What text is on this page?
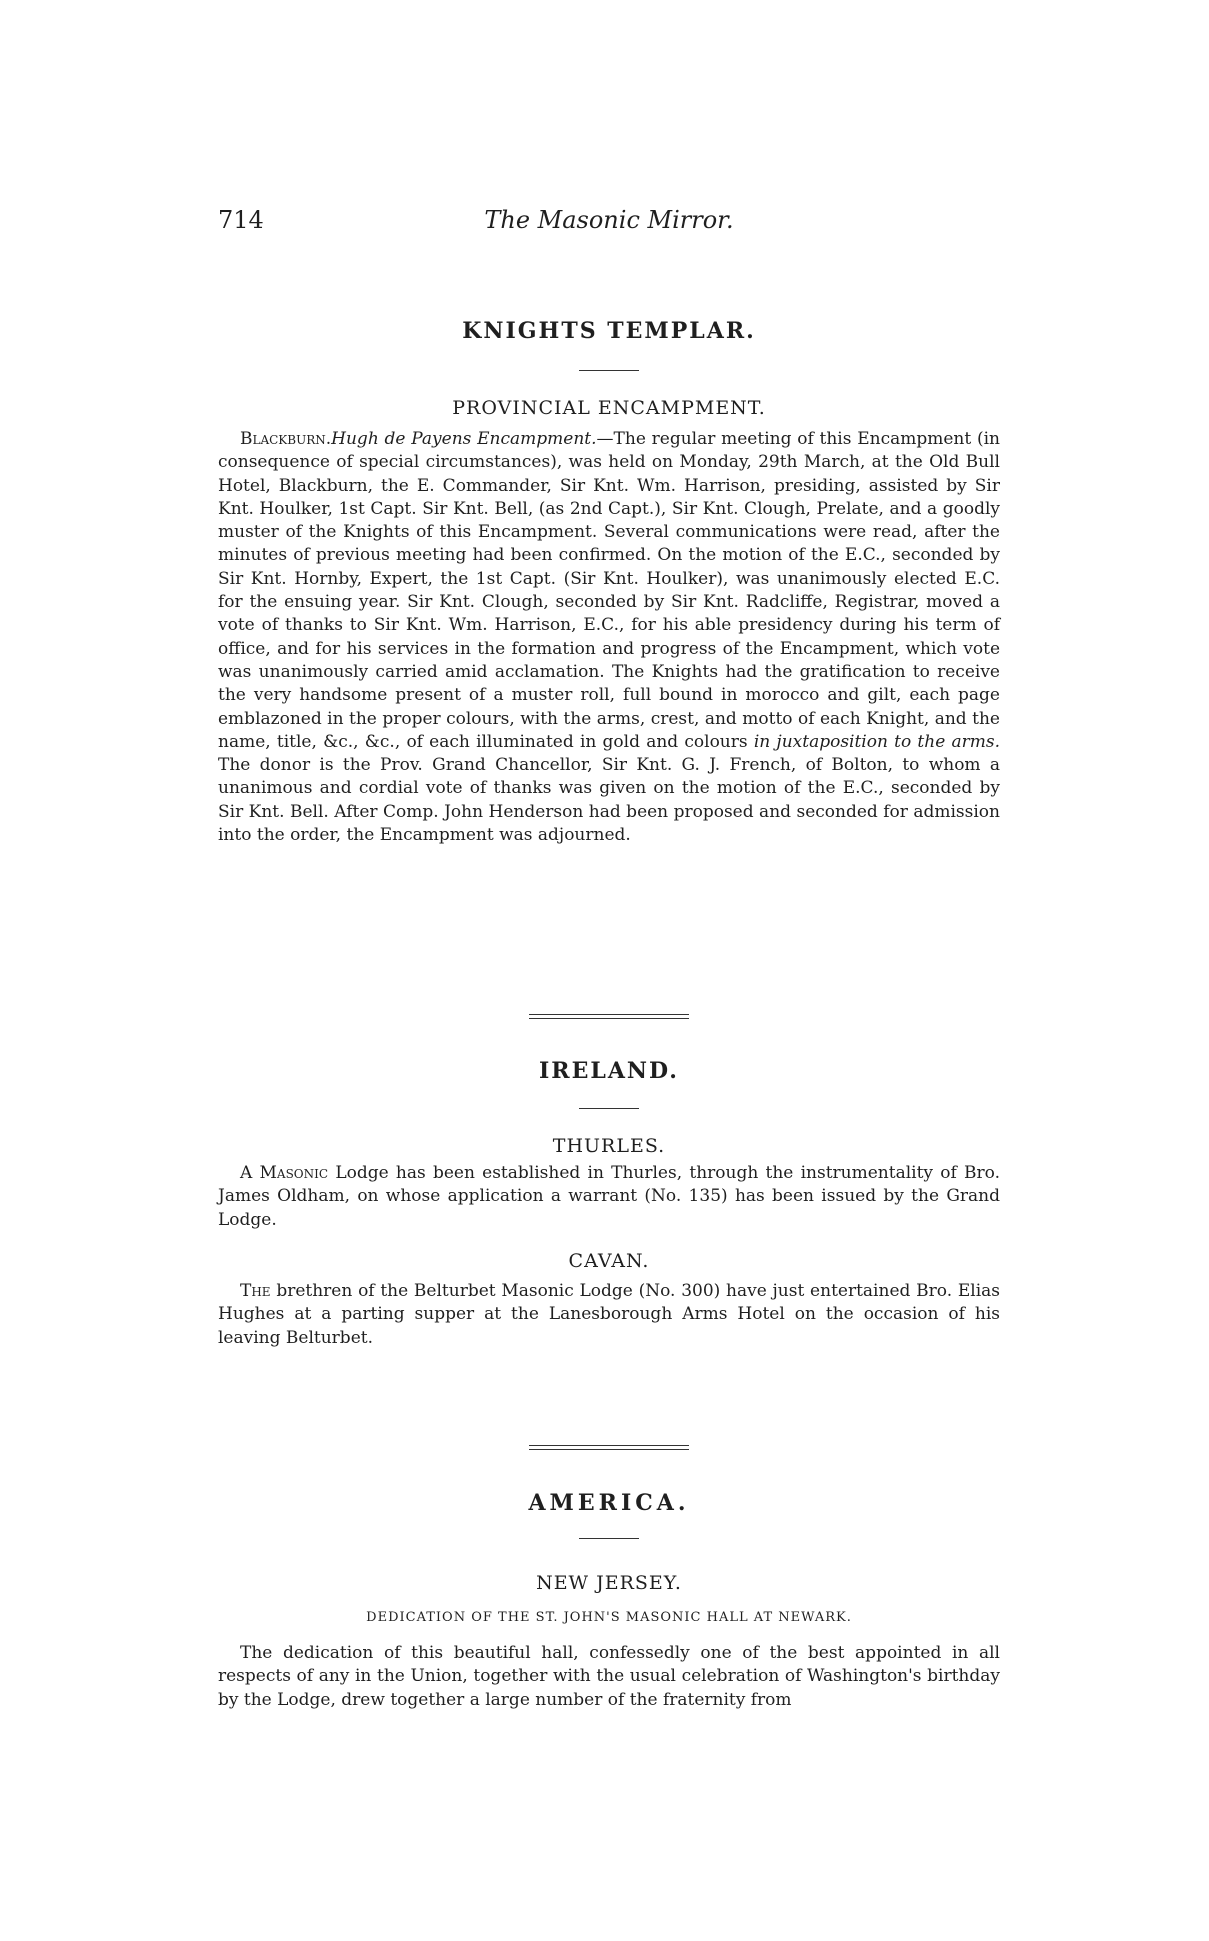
714	The Masonic Mirror.
KNIGHTS TEMPLAR.
PROVINCIAL ENCAMPMENT.

Blackburn.Hugh de Payens Encampment.—The regular meeting of this Encampment (in consequence of special circumstances), was held on Monday, 29th March, at the Old Bull Hotel, Blackburn, the E. Commander, Sir Knt. Wm. Harrison, presiding, assisted by Sir Knt. Houlker, 1st Capt. Sir Knt. Bell, (as 2nd Capt.), Sir Knt. Clough, Prelate, and a goodly muster of the Knights of this Encampment. Several communications were read, after the minutes of previous meeting had been confirmed. On the motion of the E.C., seconded by Sir Knt. Hornby, Expert, the 1st Capt. (Sir Knt. Houlker), was unanimously elected E.C. for the ensuing year. Sir Knt. Clough, seconded by Sir Knt. Radcliffe, Registrar, moved a vote of thanks to Sir Knt. Wm. Harrison, E.C., for his able presidency during his term of office, and for his services in the formation and progress of the Encampment, which vote was unanimously carried amid acclamation. The Knights had the gratification to receive the very handsome present of a muster roll, full bound in morocco and gilt, each page emblazoned in the proper colours, with the arms, crest, and motto of each Knight, and the name, title, &c., &c., of each illuminated in gold and colours in juxtaposition to the arms. The donor is the Prov. Grand Chancellor, Sir Knt. G. J. French, of Bolton, to whom a unanimous and cordial vote of thanks was given on the motion of the E.C., seconded by Sir Knt. Bell. After Comp. John Henderson had been proposed and seconded for admission into the order, the Encampment was adjourned.

IRELAND.
THURLES.

A Masonic Lodge has been established in Thurles, through the instrumentality of Bro. James Oldham, on whose application a warrant (No. 135) has been issued by the Grand Lodge.

CAVAN.

The brethren of the Belturbet Masonic Lodge (No. 300) have just entertained Bro. Elias Hughes at a parting supper at the Lanesborough Arms Hotel on the occasion of his leaving Belturbet.

AMERICA.
NEW JERSEY.
DEDICATION OF THE ST. JOHN'S MASONIC HALL AT NEWARK.

The dedication of this beautiful hall, confessedly one of the best appointed in all respects of any in the Union, together with the usual celebration of Washington's birthday by the Lodge, drew together a large number of the fraternity from
